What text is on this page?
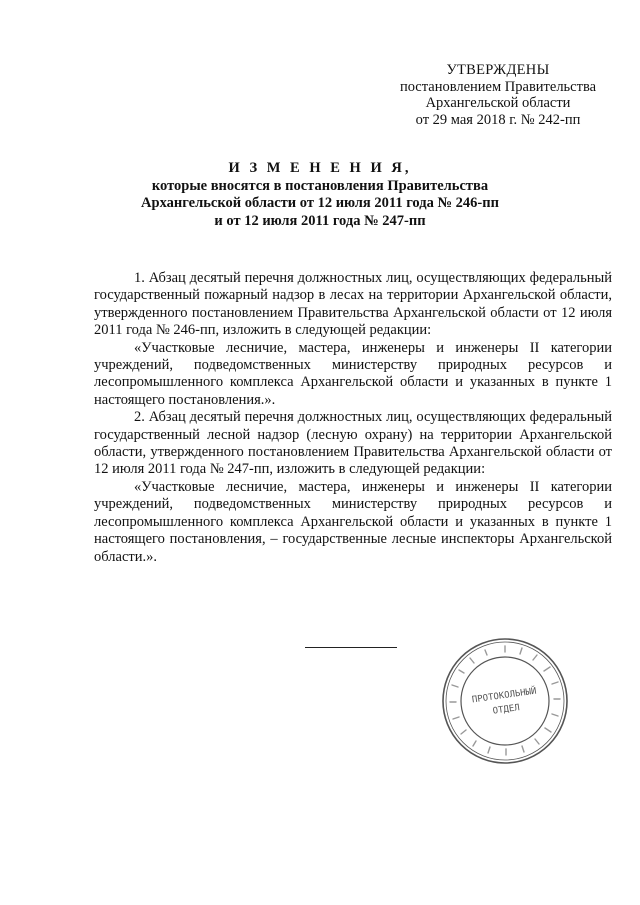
УТВЕРЖДЕНЫ
постановлением Правительства
Архангельской области
от 29 мая 2018 г. № 242-пп
И З М Е Н Е Н И Я,
которые вносятся в постановления Правительства
Архангельской области от 12 июля 2011 года № 246-пп
и от 12 июля 2011 года № 247-пп

1. Абзац десятый перечня должностных лиц, осуществляющих федеральный государственный пожарный надзор в лесах на территории Архангельской области, утвержденного постановлением Правительства Архангельской области от 12 июля 2011 года № 246-пп, изложить в следующей редакции:

«Участковые лесничие, мастера, инженеры и инженеры II категории учреждений, подведомственных министерству природных ресурсов и лесопромышленного комплекса Архангельской области и указанных в пункте 1 настоящего постановления.».

2. Абзац десятый перечня должностных лиц, осуществляющих федеральный государственный лесной надзор (лесную охрану) на территории Архангельской области, утвержденного постановлением Правительства Архангельской области от 12 июля 2011 года № 247-пп, изложить в следующей редакции:

«Участковые лесничие, мастера, инженеры и инженеры II категории учреждений, подведомственных министерству природных ресурсов и лесопромышленного комплекса Архангельской области и указанных в пункте 1 настоящего постановления, – государственные лесные инспекторы Архангельской области.».

ПРОТОКОЛЬНЫЙ
ОТДЕЛ
